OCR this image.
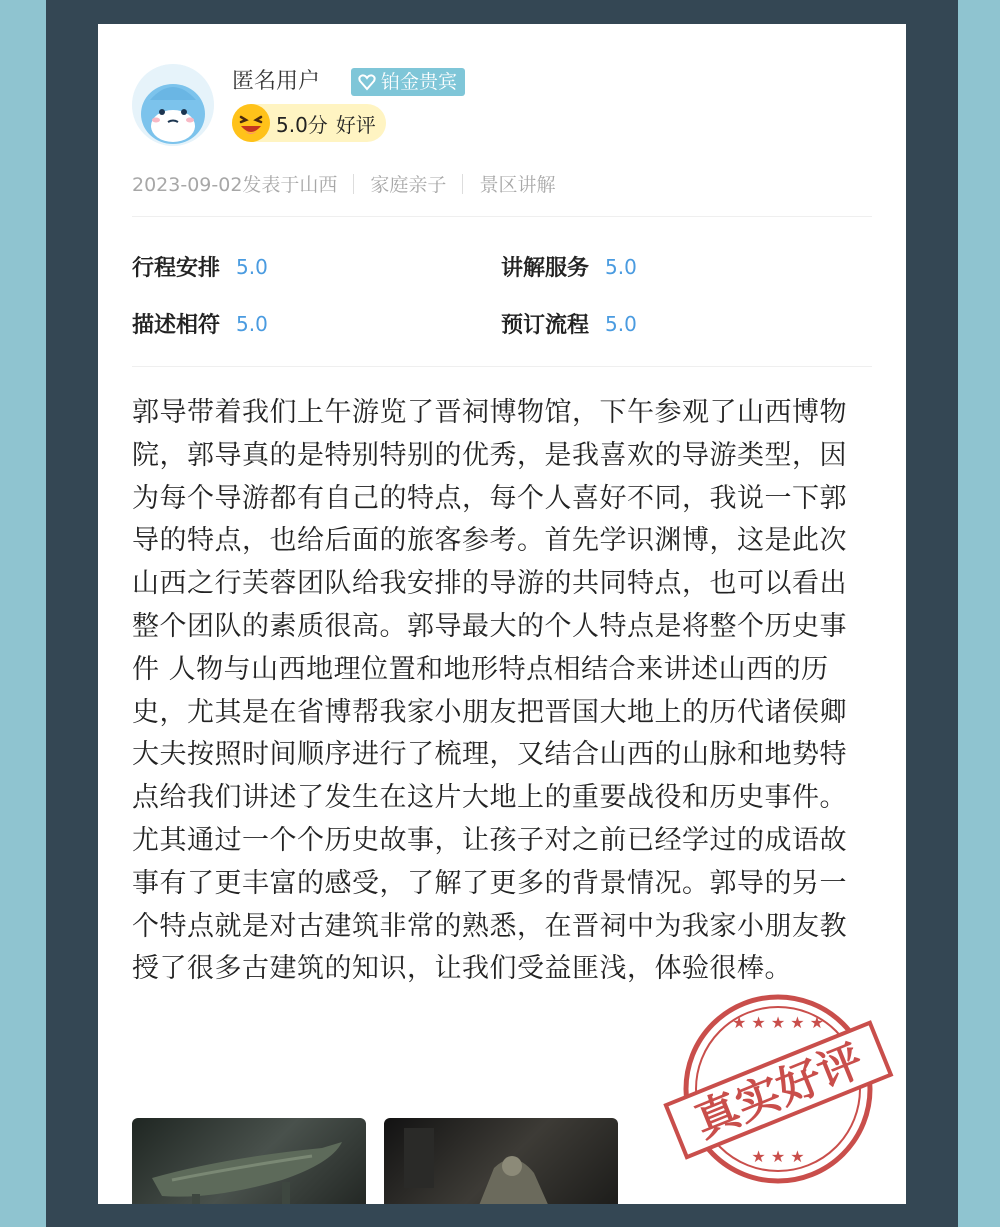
匿名用户	铂金贵宾
5.0分 好评
2023-09-02发表于山西 家庭亲子 景区讲解
行程安排 5.0	讲解服务 5.0
描述相符 5.0	预订流程 5.0

郭导带着我们上午游览了晋祠博物馆，下午参观了山西博物院，郭导真的是特别特别的优秀，是我喜欢的导游类型，因为每个导游都有自己的特点，每个人喜好不同，我说一下郭导的特点，也给后面的旅客参考。首先学识渊博，这是此次山西之行芙蓉团队给我安排的导游的共同特点，也可以看出整个团队的素质很高。郭导最大的个人特点是将整个历史事件 人物与山西地理位置和地形特点相结合来讲述山西的历史，尤其是在省博帮我家小朋友把晋国大地上的历代诸侯卿大夫按照时间顺序进行了梳理，又结合山西的山脉和地势特点给我们讲述了发生在这片大地上的重要战役和历史事件。尤其通过一个个历史故事，让孩子对之前已经学过的成语故事有了更丰富的感受，了解了更多的背景情况。郭导的另一个特点就是对古建筑非常的熟悉，在晋祠中为我家小朋友教授了很多古建筑的知识，让我们受益匪浅，体验很棒。

★ ★ ★ ★ ★
★ ★ ★
真实好评
